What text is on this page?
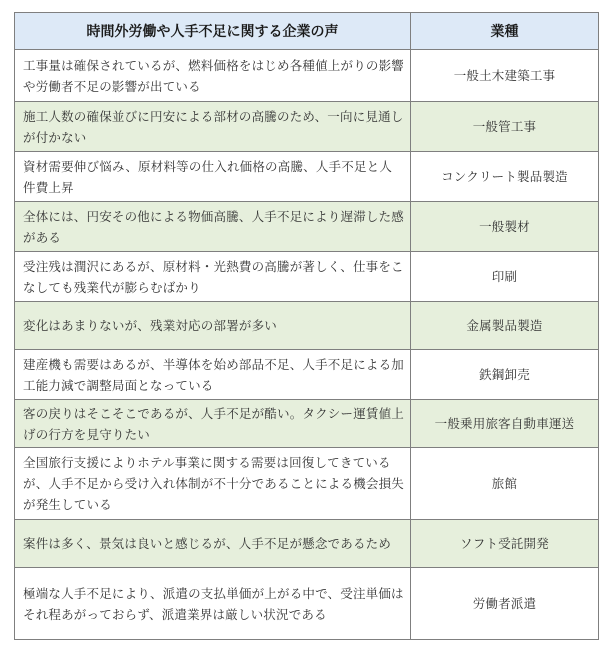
時間外労働や人手不足に関する企業の声	業種
工事量は確保されているが、燃料価格をはじめ各種値上がりの影響や労働者不足の影響が出ている	一般土木建築工事
施工人数の確保並びに円安による部材の高騰のため、一向に見通しが付かない	一般管工事
資材需要伸び悩み、原材料等の仕入れ価格の高騰、人手不足と人件費上昇	コンクリート製品製造
全体には、円安その他による物価高騰、人手不足により遅滞した感がある	一般製材
受注残は潤沢にあるが、原材料・光熱費の高騰が著しく、仕事をこなしても残業代が膨らむばかり	印刷
変化はあまりないが、残業対応の部署が多い	金属製品製造
建産機も需要はあるが、半導体を始め部品不足、人手不足による加工能力減で調整局面となっている	鉄鋼卸売
客の戻りはそこそこであるが、人手不足が酷い。タクシー運賃値上げの行方を見守りたい	一般乗用旅客自動車運送
全国旅行支援によりホテル事業に関する需要は回復してきているが、人手不足から受け入れ体制が不十分であることによる機会損失が発生している	旅館
案件は多く、景気は良いと感じるが、人手不足が懸念であるため	ソフト受託開発
極端な人手不足により、派遣の支払単価が上がる中で、受注単価はそれ程あがっておらず、派遣業界は厳しい状況である	労働者派遣
